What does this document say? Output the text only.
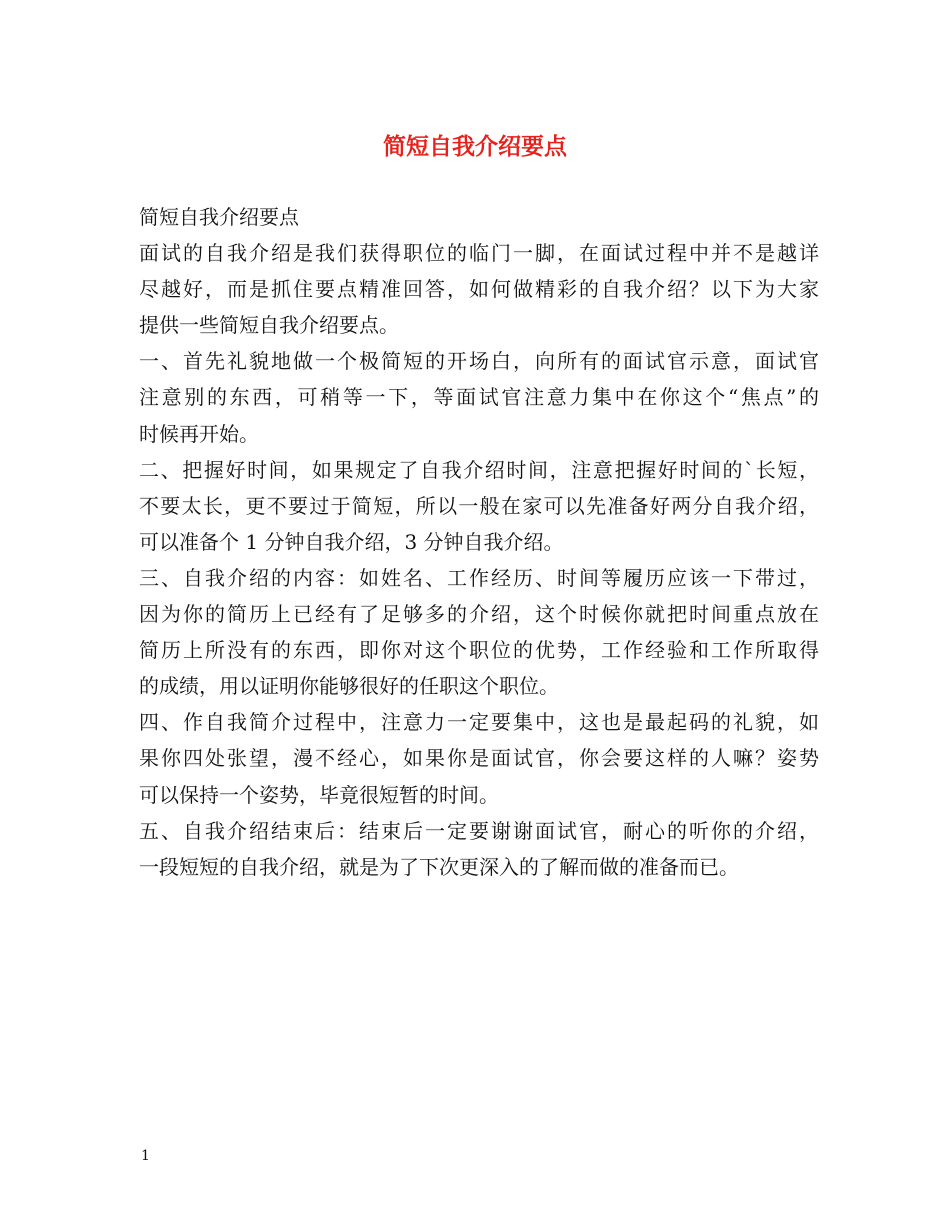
简短自我介绍要点

简短自我介绍要点

面试的自我介绍是我们获得职位的临门一脚，在面试过程中并不是越详

尽越好，而是抓住要点精准回答，如何做精彩的自我介绍？以下为大家

提供一些简短自我介绍要点。

一、首先礼貌地做一个极简短的开场白，向所有的面试官示意，面试官

注意别的东西，可稍等一下，等面试官注意力集中在你这个“焦点”的

时候再开始。

二、把握好时间，如果规定了自我介绍时间，注意把握好时间的`长短，

不要太长，更不要过于简短，所以一般在家可以先准备好两分自我介绍，

可以准备个 1 分钟自我介绍，3 分钟自我介绍。

三、自我介绍的内容：如姓名、工作经历、时间等履历应该一下带过，

因为你的简历上已经有了足够多的介绍，这个时候你就把时间重点放在

简历上所没有的东西，即你对这个职位的优势，工作经验和工作所取得

的成绩，用以证明你能够很好的任职这个职位。

四、作自我简介过程中，注意力一定要集中，这也是最起码的礼貌，如

果你四处张望，漫不经心，如果你是面试官，你会要这样的人嘛？姿势

可以保持一个姿势，毕竟很短暂的时间。

五、自我介绍结束后：结束后一定要谢谢面试官，耐心的听你的介绍，

一段短短的自我介绍，就是为了下次更深入的了解而做的准备而已。

1
